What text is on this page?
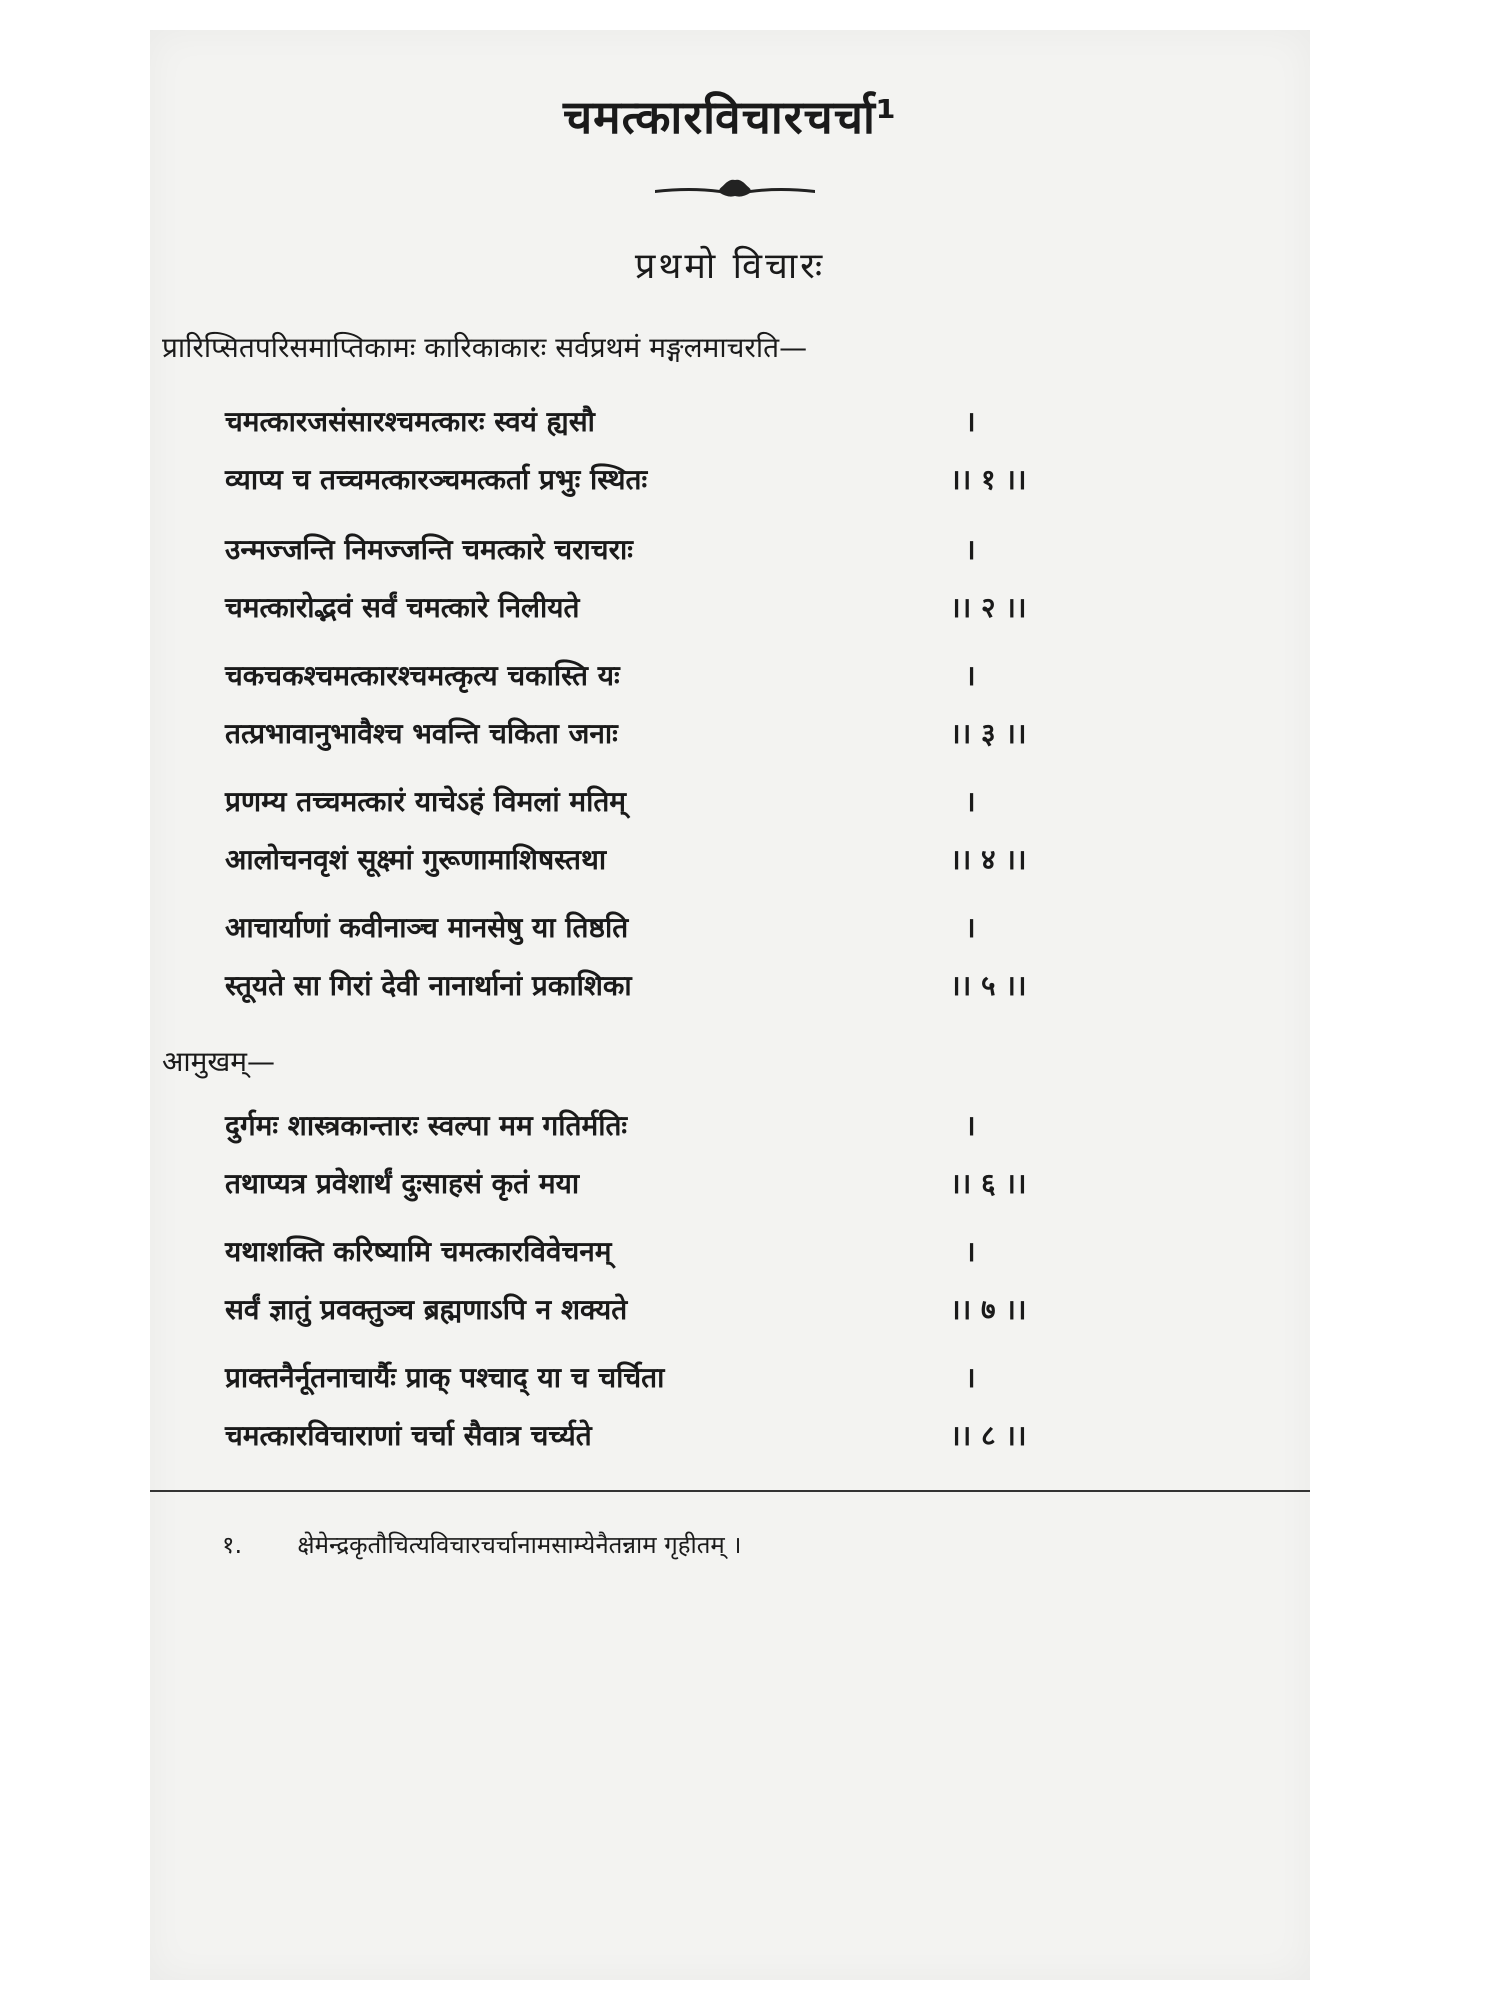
चमत्कारविचारचर्चा¹
प्रथमो विचारः
प्रारिप्सितपरिसमाप्तिकामः कारिकाकारः सर्वप्रथमं मङ्गलमाचरति—
चमत्कारजसंसारश्चमत्कारः स्वयं ह्यसौ	।
व्याप्य च तच्चमत्कारञ्चमत्कर्ता प्रभुः स्थितः	।। १ ।।
उन्मज्जन्ति निमज्जन्ति चमत्कारे चराचराः	।
चमत्कारोद्भवं सर्वं चमत्कारे निलीयते	।। २ ।।
चकचकश्चमत्कारश्चमत्कृत्य चकास्ति यः	।
तत्प्रभावानुभावैश्च भवन्ति चकिता जनाः	।। ३ ।।
प्रणम्य तच्चमत्कारं याचेऽहं विमलां मतिम्	।
आलोचनवृशं सूक्ष्मां गुरूणामाशिषस्तथा	।। ४ ।।
आचार्याणां कवीनाञ्च मानसेषु या तिष्ठति	।
स्तूयते सा गिरां देवी नानार्थानां प्रकाशिका	।। ५ ।।
आमुखम्—
दुर्गमः शास्त्रकान्तारः स्वल्पा मम गतिर्मतिः	।
तथाप्यत्र प्रवेशार्थं दुःसाहसं कृतं मया	।। ६ ।।
यथाशक्ति करिष्यामि चमत्कारविवेचनम्	।
सर्वं ज्ञातुं प्रवक्तुञ्च ब्रह्मणाऽपि न शक्यते	।। ७ ।।
प्राक्तनैर्नूतनाचार्यैः प्राक् पश्चाद् या च चर्चिता	।
चमत्कारविचाराणां चर्चा सैवात्र चर्च्यते	।। ८ ।।
१. क्षेमेन्द्रकृतौचित्यविचारचर्चानामसाम्येनैतन्नाम गृहीतम् ।
